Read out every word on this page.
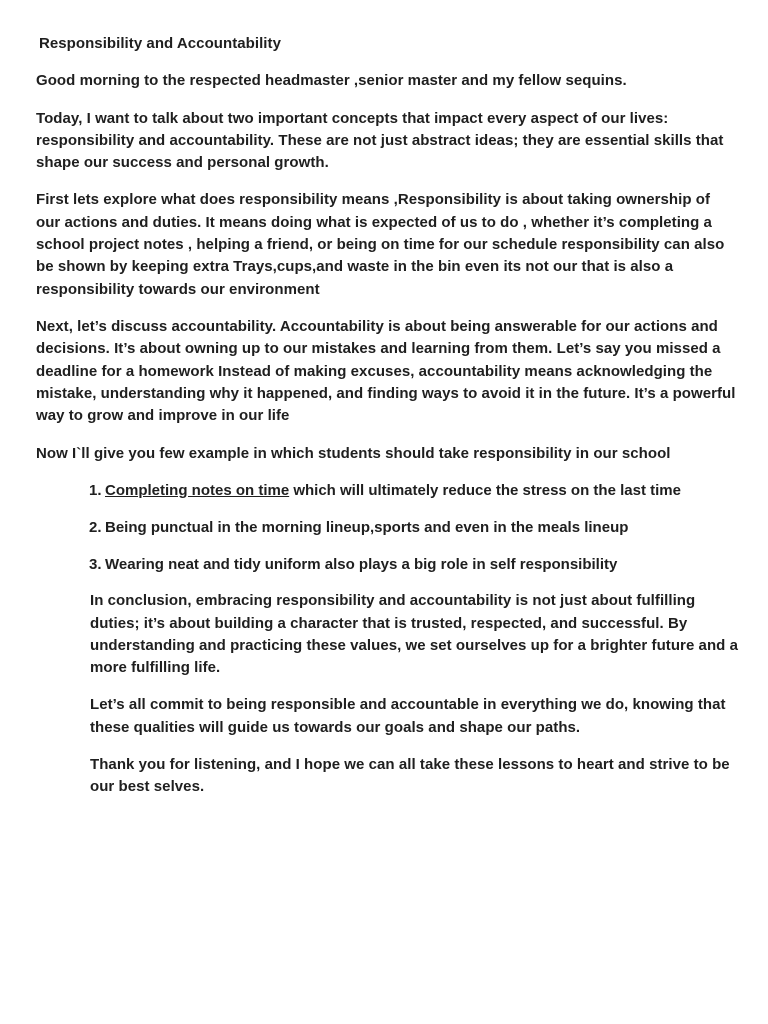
Responsibility and Accountability

Good morning to the respected headmaster ,senior master and my fellow sequins.

Today, I want to talk about two important concepts that impact every aspect of our lives: responsibility and accountability. These are not just abstract ideas; they are essential skills that shape our success and personal growth.

First lets explore what does responsibility means ,Responsibility is about taking ownership of our actions and duties. It means doing what is expected of us to do , whether it’s completing a school project notes , helping a friend, or being on time for our schedule responsibility can also be shown by keeping extra Trays,cups,and waste in the bin even its not our that is also a responsibility towards our environment

Next, let’s discuss accountability. Accountability is about being answerable for our actions and decisions. It’s about owning up to our mistakes and learning from them. Let’s say you missed a deadline for a homework Instead of making excuses, accountability means acknowledging the mistake, understanding why it happened, and finding ways to avoid it in the future. It’s a powerful way to grow and improve in our life

Now I`ll give you few example in which students should take responsibility in our school

1. Completing notes on time which will ultimately reduce the stress on the last time
2. Being punctual in the morning lineup,sports and even in the meals lineup
3. Wearing neat and tidy uniform also plays a big role in self responsibility

In conclusion, embracing responsibility and accountability is not just about fulfilling duties; it’s about building a character that is trusted, respected, and successful. By understanding and practicing these values, we set ourselves up for a brighter future and a more fulfilling life.

Let’s all commit to being responsible and accountable in everything we do, knowing that these qualities will guide us towards our goals and shape our paths.

Thank you for listening, and I hope we can all take these lessons to heart and strive to be our best selves.
